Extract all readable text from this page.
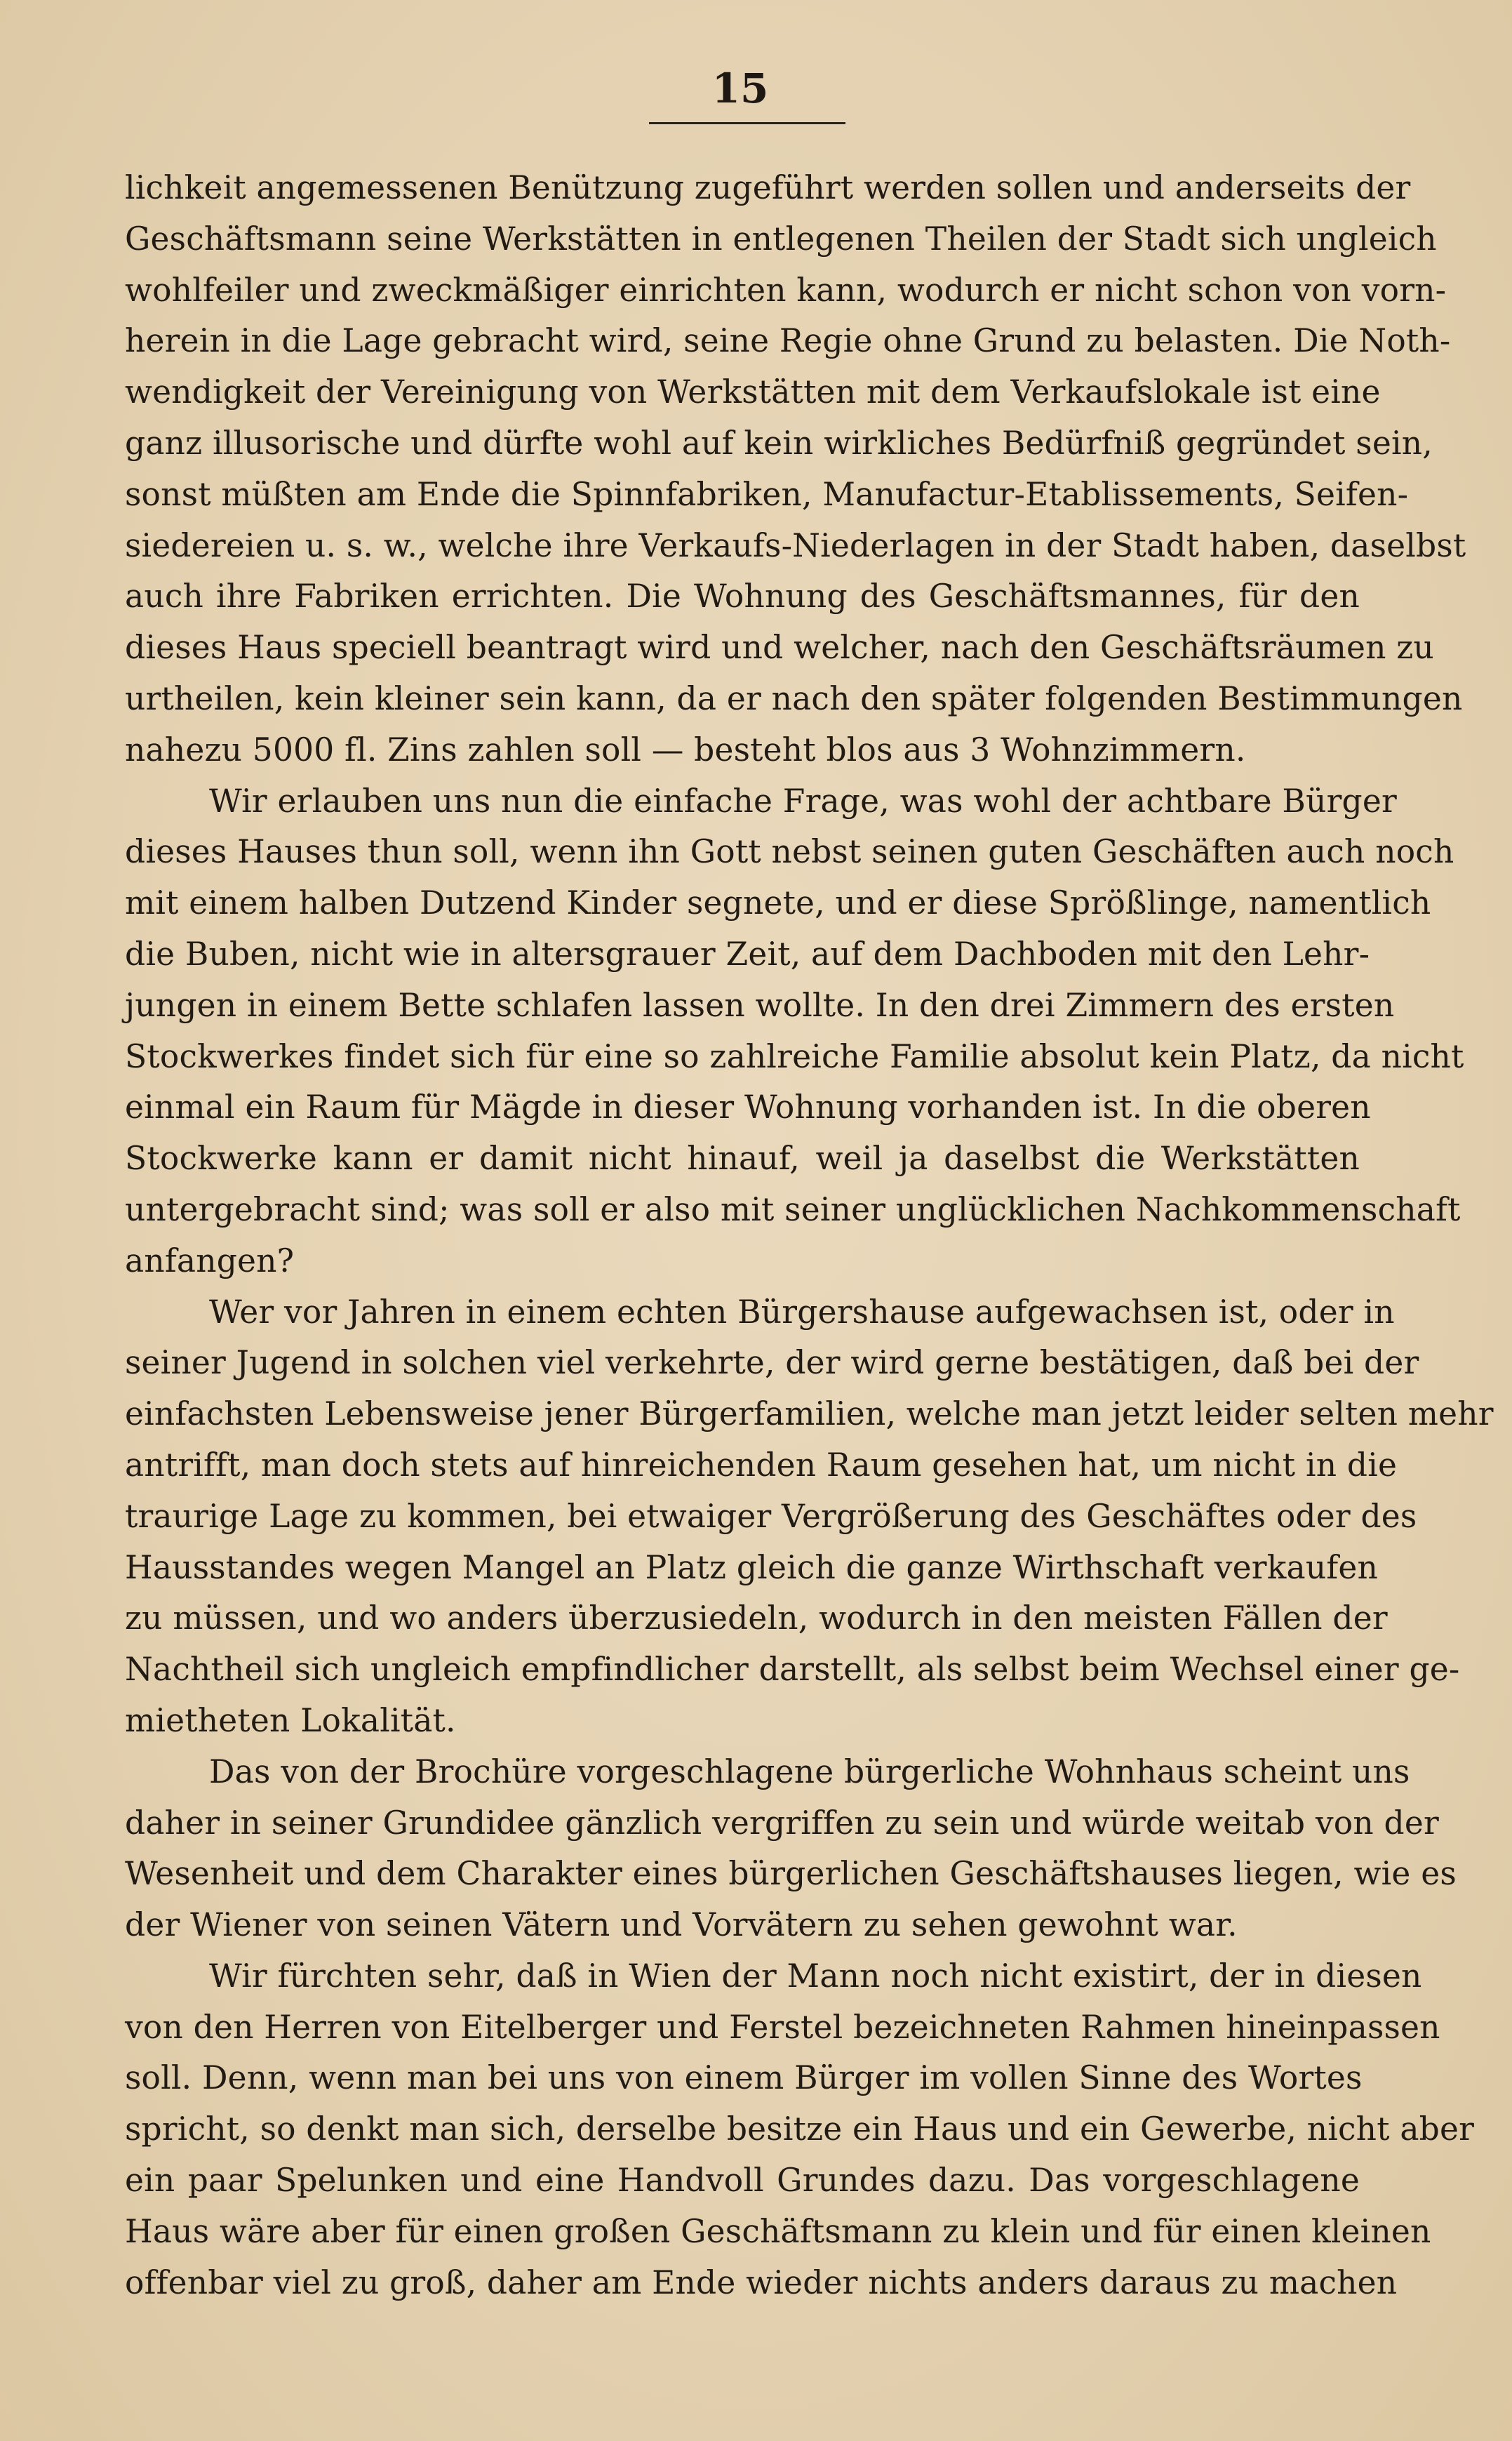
15

lichkeit angemessenen Benützung zugeführt werden sollen und anderseits der
Geschäftsmann seine Werkstätten in entlegenen Theilen der Stadt sich ungleich
wohlfeiler und zweckmäßiger einrichten kann, wodurch er nicht schon von vorn-
herein in die Lage gebracht wird, seine Regie ohne Grund zu belasten. Die Noth-
wendigkeit der Vereinigung von Werkstätten mit dem Verkaufslokale ist eine
ganz illusorische und dürfte wohl auf kein wirkliches Bedürfniß gegründet sein,
sonst müßten am Ende die Spinnfabriken, Manufactur-Etablissements, Seifen-
siedereien u. s. w., welche ihre Verkaufs-Niederlagen in der Stadt haben, daselbst
auch ihre Fabriken errichten. Die Wohnung des Geschäftsmannes, für den
dieses Haus speciell beantragt wird und welcher, nach den Geschäftsräumen zu
urtheilen, kein kleiner sein kann, da er nach den später folgenden Bestimmungen
nahezu 5000 fl. Zins zahlen soll — besteht blos aus 3 Wohnzimmern.

Wir erlauben uns nun die einfache Frage, was wohl der achtbare Bürger
dieses Hauses thun soll, wenn ihn Gott nebst seinen guten Geschäften auch noch
mit einem halben Dutzend Kinder segnete, und er diese Sprößlinge, namentlich
die Buben, nicht wie in altersgrauer Zeit, auf dem Dachboden mit den Lehr-
jungen in einem Bette schlafen lassen wollte. In den drei Zimmern des ersten
Stockwerkes findet sich für eine so zahlreiche Familie absolut kein Platz, da nicht
einmal ein Raum für Mägde in dieser Wohnung vorhanden ist. In die oberen
Stockwerke kann er damit nicht hinauf, weil ja daselbst die Werkstätten
untergebracht sind; was soll er also mit seiner unglücklichen Nachkommenschaft
anfangen?

Wer vor Jahren in einem echten Bürgershause aufgewachsen ist, oder in
seiner Jugend in solchen viel verkehrte, der wird gerne bestätigen, daß bei der
einfachsten Lebensweise jener Bürgerfamilien, welche man jetzt leider selten mehr
antrifft, man doch stets auf hinreichenden Raum gesehen hat, um nicht in die
traurige Lage zu kommen, bei etwaiger Vergrößerung des Geschäftes oder des
Hausstandes wegen Mangel an Platz gleich die ganze Wirthschaft verkaufen
zu müssen, und wo anders überzusiedeln, wodurch in den meisten Fällen der
Nachtheil sich ungleich empfindlicher darstellt, als selbst beim Wechsel einer ge-
mietheten Lokalität.

Das von der Brochüre vorgeschlagene bürgerliche Wohnhaus scheint uns
daher in seiner Grundidee gänzlich vergriffen zu sein und würde weitab von der
Wesenheit und dem Charakter eines bürgerlichen Geschäftshauses liegen, wie es
der Wiener von seinen Vätern und Vorvätern zu sehen gewohnt war.

Wir fürchten sehr, daß in Wien der Mann noch nicht existirt, der in diesen
von den Herren von Eitelberger und Ferstel bezeichneten Rahmen hineinpassen
soll. Denn, wenn man bei uns von einem Bürger im vollen Sinne des Wortes
spricht, so denkt man sich, derselbe besitze ein Haus und ein Gewerbe, nicht aber
ein paar Spelunken und eine Handvoll Grundes dazu. Das vorgeschlagene
Haus wäre aber für einen großen Geschäftsmann zu klein und für einen kleinen
offenbar viel zu groß, daher am Ende wieder nichts anders daraus zu machen
